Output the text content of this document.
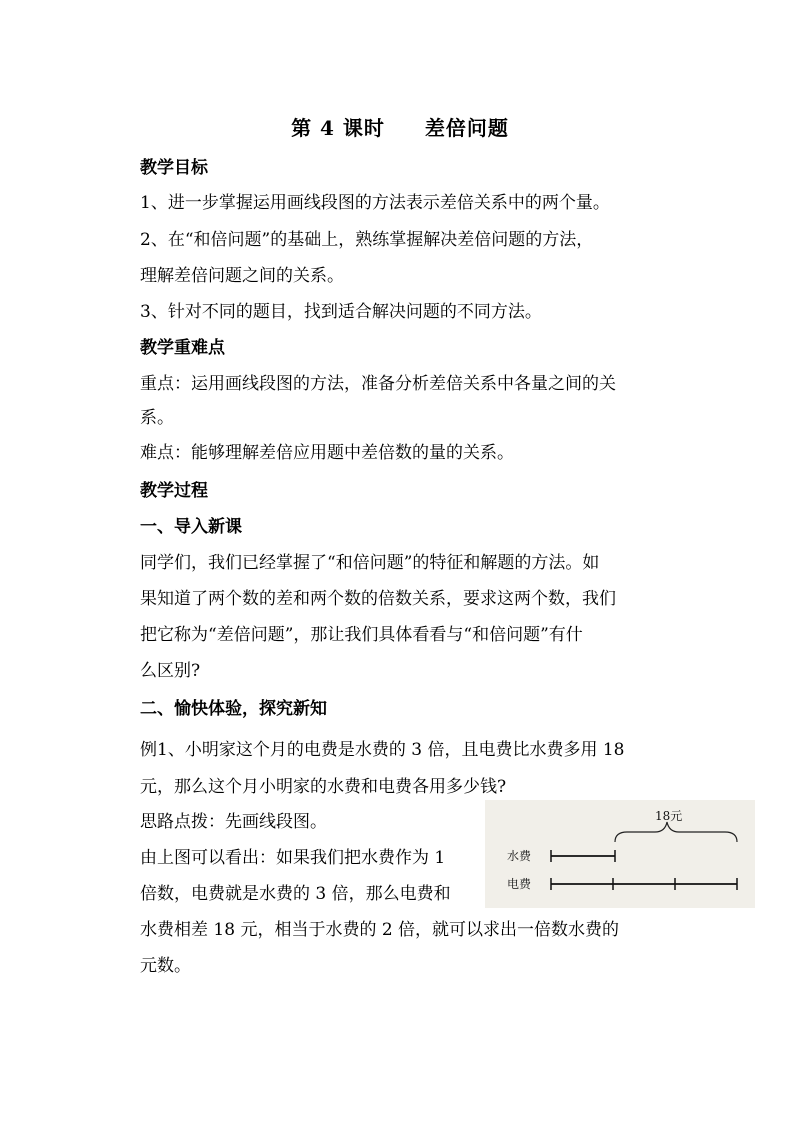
第 4 课时 差倍问题
教学目标
1、进一步掌握运用画线段图的方法表示差倍关系中的两个量。
2、在“和倍问题”的基础上，熟练掌握解决差倍问题的方法，
理解差倍问题之间的关系。
3、针对不同的题目，找到适合解决问题的不同方法。
教学重难点
重点：运用画线段图的方法，准备分析差倍关系中各量之间的关
系。
难点：能够理解差倍应用题中差倍数的量的关系。
教学过程
一、导入新课
同学们，我们已经掌握了“和倍问题”的特征和解题的方法。如
果知道了两个数的差和两个数的倍数关系，要求这两个数，我们
把它称为“差倍问题”，那让我们具体看看与“和倍问题”有什
么区别?
二、愉快体验，探究新知
例1、小明家这个月的电费是水费的 3 倍，且电费比水费多用 18
元，那么这个月小明家的水费和电费各用多少钱?
思路点拨：先画线段图。
由上图可以看出：如果我们把水费作为 1
倍数，电费就是水费的 3 倍，那么电费和
水费相差 18 元，相当于水费的 2 倍，就可以求出一倍数水费的
元数。
18元
水费
电费
